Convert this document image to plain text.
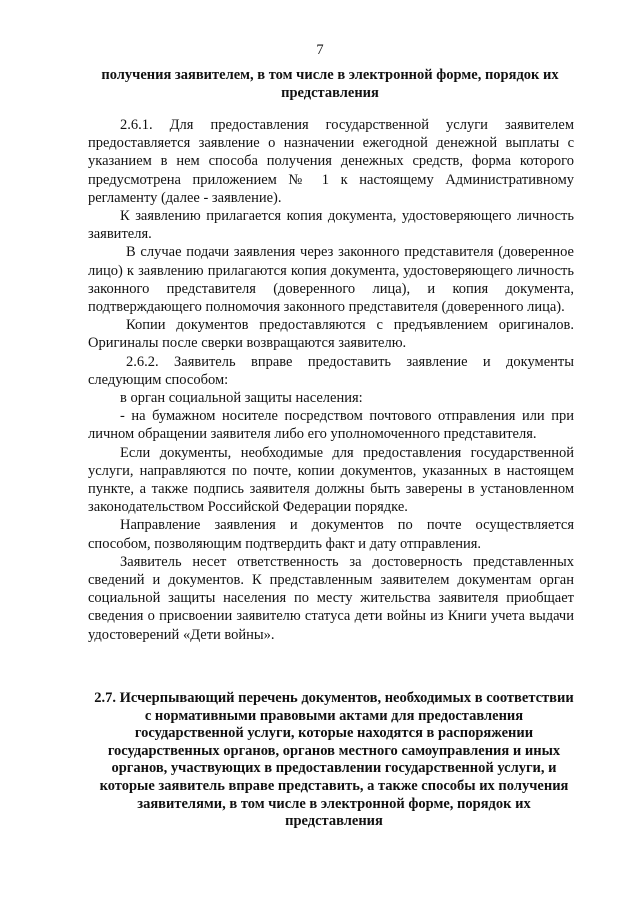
7
получения заявителем, в том числе в электронной форме, порядок их представления

2.6.1. Для предоставления государственной услуги заявителем предоставляется заявление о назначении ежегодной денежной выплаты с указанием в нем способа получения денежных средств, форма которого предусмотрена приложением № 1 к настоящему Административному регламенту (далее - заявление).

К заявлению прилагается копия документа, удостоверяющего личность заявителя.

В случае подачи заявления через законного представителя (доверенное лицо) к заявлению прилагаются копия документа, удостоверяющего личность законного представителя (доверенного лица), и копия документа, подтверждающего полномочия законного представителя (доверенного лица).

Копии документов предоставляются с предъявлением оригиналов. Оригиналы после сверки возвращаются заявителю.

2.6.2. Заявитель вправе предоставить заявление и документы следующим способом:

в орган социальной защиты населения:

- на бумажном носителе посредством почтового отправления или при личном обращении заявителя либо его уполномоченного представителя.

Если документы, необходимые для предоставления государственной услуги, направляются по почте, копии документов, указанных в настоящем пункте, а также подпись заявителя должны быть заверены в установленном законодательством Российской Федерации порядке.

Направление заявления и документов по почте осуществляется способом, позволяющим подтвердить факт и дату отправления.

Заявитель несет ответственность за достоверность представленных сведений и документов. К представленным заявителем документам орган социальной защиты населения по месту жительства заявителя приобщает сведения о присвоении заявителю статуса дети войны из Книги учета выдачи удостоверений «Дети войны».

2.7. Исчерпывающий перечень документов, необходимых в соответствии с нормативными правовыми актами для предоставления государственной услуги, которые находятся в распоряжении государственных органов, органов местного самоуправления и иных органов, участвующих в предоставлении государственной услуги, и которые заявитель вправе представить, а также способы их получения заявителями, в том числе в электронной форме, порядок их представления
